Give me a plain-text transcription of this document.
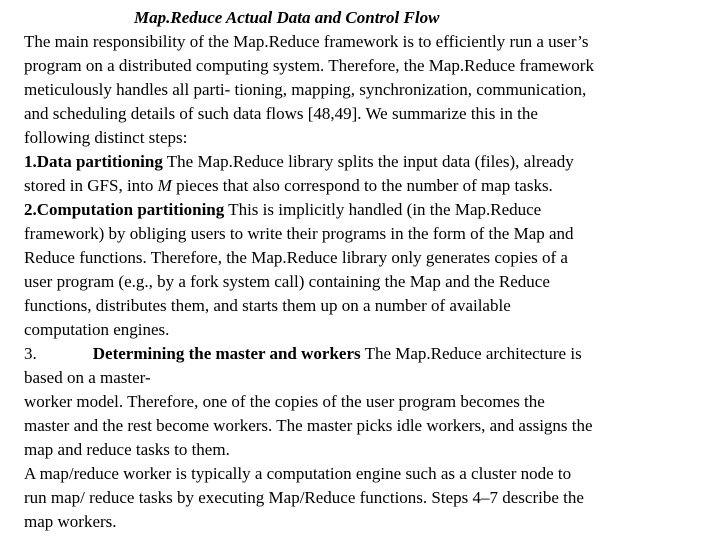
Map.Reduce Actual Data and Control Flow
The main responsibility of the Map.Reduce framework is to efficiently run a user’s
program on a distributed computing system. Therefore, the Map.Reduce framework
meticulously handles all parti- tioning, mapping, synchronization, communication,
and scheduling details of such data flows [48,49]. We summarize this in the
following distinct steps:
1.Data partitioning The Map.Reduce library splits the input data (files), already
stored in GFS, into M pieces that also correspond to the number of map tasks.
2.Computation partitioning This is implicitly handled (in the Map.Reduce
framework) by obliging users to write their programs in the form of the Map and
Reduce functions. Therefore, the Map.Reduce library only generates copies of a
user program (e.g., by a fork system call) containing the Map and the Reduce
functions, distributes them, and starts them up on a number of available
computation engines.
3.	Determining the master and workers The Map.Reduce architecture is
based on a master-
worker model. Therefore, one of the copies of the user program becomes the
master and the rest become workers. The master picks idle workers, and assigns the
map and reduce tasks to them.
A map/reduce worker is typically a computation engine such as a cluster node to
run map/ reduce tasks by executing Map/Reduce functions. Steps 4–7 describe the
map workers.
